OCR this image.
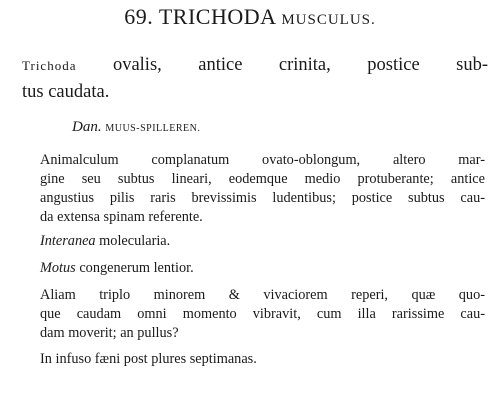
69. TRICHODA MUSCULUS.
Trichoda ovalis, antice crinita, postice sub-
tus caudata.
Dan. MUUS-SPILLEREN.
Animalculum complanatum ovato-oblongum, altero mar-
gine seu subtus lineari, eodemque medio protuberante; antice
angustius pilis raris brevissimis ludentibus; postice subtus cau-
da extensa spinam referente.
Interanea molecularia.
Motus congenerum lentior.
Aliam triplo minorem & vivaciorem reperi, quæ quo-
que caudam omni momento vibravit, cum illa rarissime cau-
dam moverit; an pullus?
In infuso fæni post plures septimanas.
